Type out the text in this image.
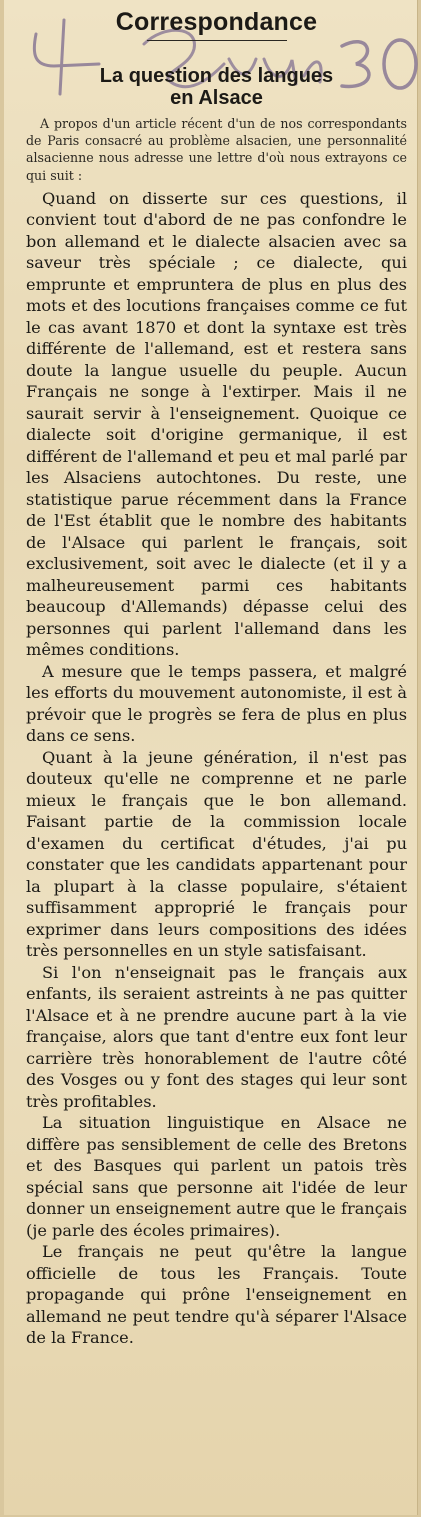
Correspondance
La question des langues
en Alsace

A propos d'un article récent d'un de nos correspondants de Paris consacré au problème alsacien, une personnalité alsacienne nous adresse une lettre d'où nous extrayons ce qui suit :

Quand on disserte sur ces questions, il convient tout d'abord de ne pas confondre le bon allemand et le dialecte alsacien avec sa saveur très spéciale ; ce dialecte, qui emprunte et empruntera de plus en plus des mots et des locutions françaises comme ce fut le cas avant 1870 et dont la syntaxe est très différente de l'allemand, est et restera sans doute la langue usuelle du peuple. Aucun Français ne songe à l'extirper. Mais il ne saurait servir à l'enseignement. Quoique ce dialecte soit d'origine germanique, il est différent de l'allemand et peu et mal parlé par les Alsaciens autochtones. Du reste, une statistique parue récemment dans la France de l'Est établit que le nombre des habitants de l'Alsace qui parlent le français, soit exclusivement, soit avec le dialecte (et il y a malheureusement parmi ces habitants beaucoup d'Allemands) dépasse celui des personnes qui parlent l'allemand dans les mêmes conditions.

A mesure que le temps passera, et malgré les efforts du mouvement autonomiste, il est à prévoir que le progrès se fera de plus en plus dans ce sens.

Quant à la jeune génération, il n'est pas douteux qu'elle ne comprenne et ne parle mieux le français que le bon allemand. Faisant partie de la commission locale d'examen du certificat d'études, j'ai pu constater que les candidats appartenant pour la plupart à la classe populaire, s'étaient suffisamment approprié le français pour exprimer dans leurs compositions des idées très personnelles en un style satisfaisant.

Si l'on n'enseignait pas le français aux enfants, ils seraient astreints à ne pas quitter l'Alsace et à ne prendre aucune part à la vie française, alors que tant d'entre eux font leur carrière très honorablement de l'autre côté des Vosges ou y font des stages qui leur sont très profitables.

La situation linguistique en Alsace ne diffère pas sensiblement de celle des Bretons et des Basques qui parlent un patois très spécial sans que personne ait l'idée de leur donner un enseignement autre que le français (je parle des écoles primaires).

Le français ne peut qu'être la langue officielle de tous les Français. Toute propagande qui prône l'enseignement en allemand ne peut tendre qu'à séparer l'Alsace de la France.
